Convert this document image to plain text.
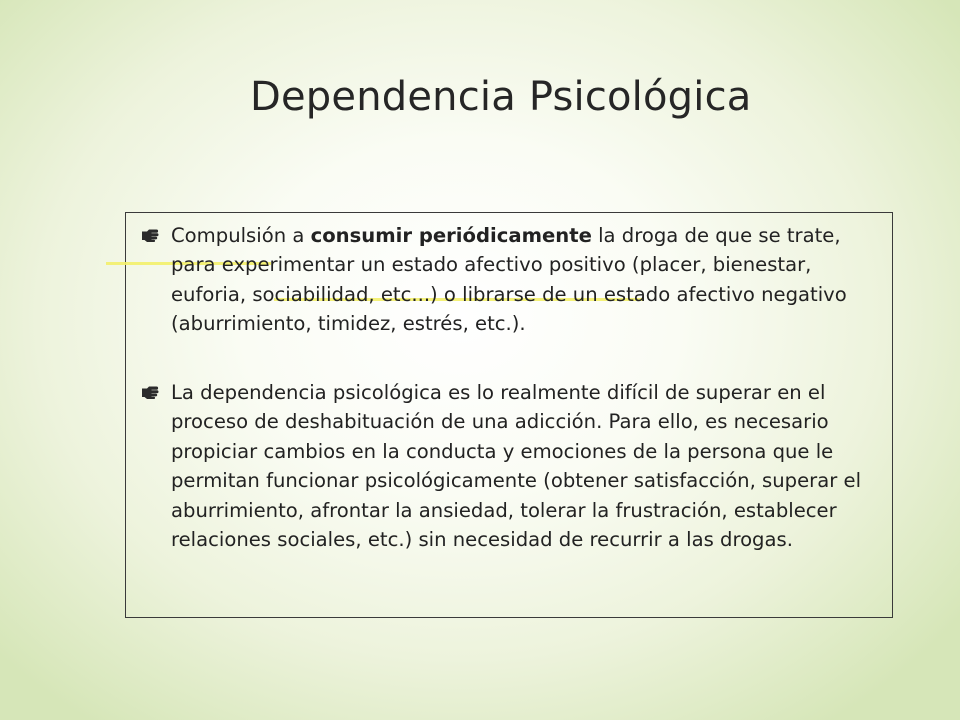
Dependencia Psicológica
Compulsión a consumir periódicamente la droga de que se trate, para experimentar un estado afectivo positivo (placer, bienestar, euforia, sociabilidad, etc...) o librarse de un estado afectivo negativo (aburrimiento, timidez, estrés, etc.).
La dependencia psicológica es lo realmente difícil de superar en el proceso de deshabituación de una adicción. Para ello, es necesario propiciar cambios en la conducta y emociones de la persona que le permitan funcionar psicológicamente (obtener satisfacción, superar el aburrimiento, afrontar la ansiedad, tolerar la frustración, establecer relaciones sociales, etc.) sin necesidad de recurrir a las drogas.
